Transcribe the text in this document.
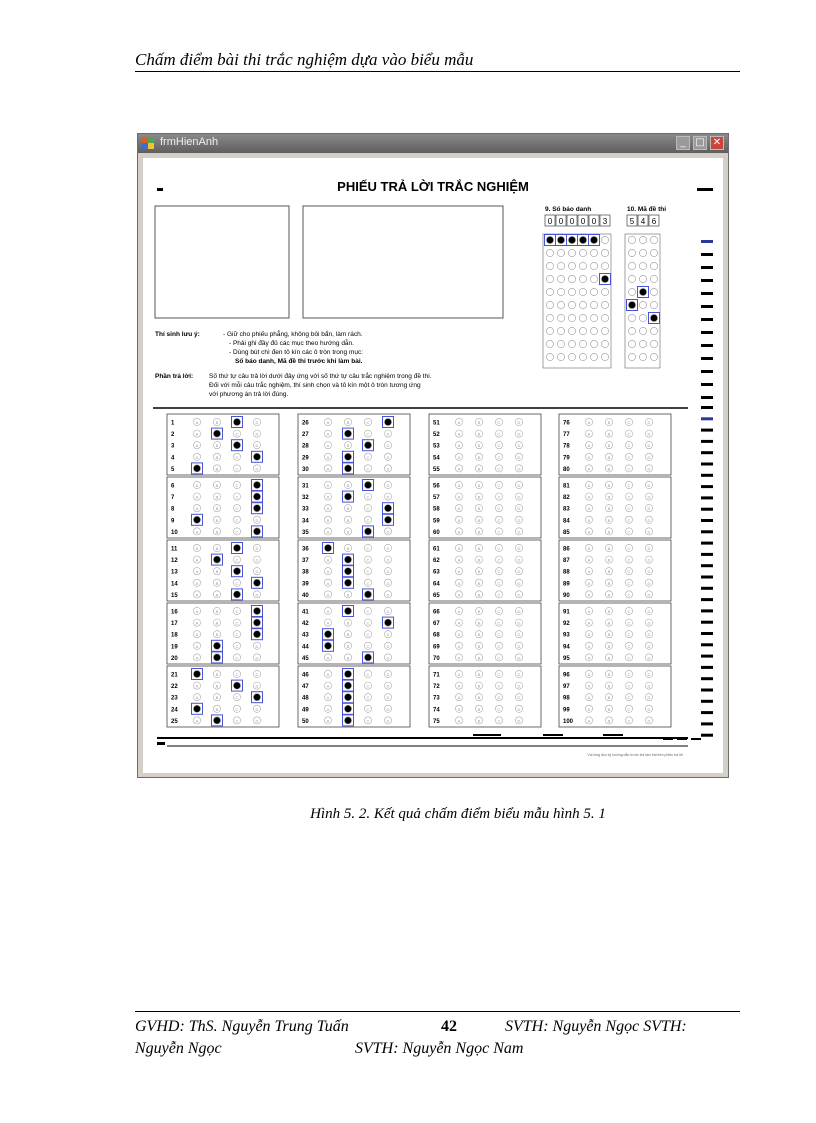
Chấm điểm bài thi trắc nghiệm dựa vào biểu mẫu
frmHienAnh	_ □ ✕
PHIẾU TRẢ LỜI TRẮC NGHIỆM
9. Số báo danh	10. Mã đề thi
0 0 0 0 0 3	5 4 6
Thí sinh lưu ý:	- Giữ cho phiếu phẳng, không bôi bẩn, làm rách.
- Phải ghi đầy đủ các mục theo hướng dẫn.
- Dùng bút chì đen tô kín các ô tròn trong mục:
Số báo danh, Mã đề thi trước khi làm bài.
Phần trả lời: Số thứ tự câu trả lời dưới đây ứng với số thứ tự câu trắc nghiệm trong đề thi.
Đối với mỗi câu trắc nghiệm, thí sinh chọn và tô kín một ô tròn tương ứng
với phương án trả lời đúng.
1	A	B	C	D
2	A	B	C	D
3	A	B	C	D
4	A	B	C	D
5	A	B	C	D
6	A	B	C	D
7	A	B	C	D
8	A	B	C	D
9	A	B	C	D
10	A	B	C	D
11	A	B	C	D
12	A	B	C	D
13	A	B	C	D
14	A	B	C	D
15	A	B	C	D
16	A	B	C	D
17	A	B	C	D
18	A	B	C	D
19	A	B	C	D
20	A	B	C	D
21	A	B	C	D
22	A	B	C	D
23	A	B	C	D
24	A	B	C	D
25	A	B	C	D
26	A	B	C	D
27	A	B	C	D
28	A	B	C	D
29	A	B	C	D
30	A	B	C	D
31	A	B	C	D
32	A	B	C	D
33	A	B	C	D
34	A	B	C	D
35	A	B	C	D
36	A	B	C	D
37	A	B	C	D
38	A	B	C	D
39	A	B	C	D
40	A	B	C	D
41	A	B	C	D
42	A	B	C	D
43	A	B	C	D
44	A	B	C	D
45	A	B	C	D
46	A	B	C	D
47	A	B	C	D
48	A	B	C	D
49	A	B	C	D
50	A	B	C	D
51	A	B	C	D
52	A	B	C	D
53	A	B	C	D
54	A	B	C	D
55	A	B	C	D
56	A	B	C	D
57	A	B	C	D
58	A	B	C	D
59	A	B	C	D
60	A	B	C	D
61	A	B	C	D
62	A	B	C	D
63	A	B	C	D
64	A	B	C	D
65	A	B	C	D
66	A	B	C	D
67	A	B	C	D
68	A	B	C	D
69	A	B	C	D
70	A	B	C	D
71	A	B	C	D
72	A	B	C	D
73	A	B	C	D
74	A	B	C	D
75	A	B	C	D
76	A	B	C	D
77	A	B	C	D
78	A	B	C	D
79	A	B	C	D
80	A	B	C	D
81	A	B	C	D
82	A	B	C	D
83	A	B	C	D
84	A	B	C	D
85	A	B	C	D
86	A	B	C	D
87	A	B	C	D
88	A	B	C	D
89	A	B	C	D
90	A	B	C	D
91	A	B	C	D
92	A	B	C	D
93	A	B	C	D
94	A	B	C	D
95	A	B	C	D
96	A	B	C	D
97	A	B	C	D
98	A	B	C	D
99	A	B	C	D
100	A	B	C	D
Vui lòng đọc kỹ hướng dẫn trước khi làm bài trên phiếu trả lời
Hình 5. 2. Kết quả chấm điểm biểu mẫu hình 5. 1
GVHD: ThS. Nguyễn Trung Tuấn	42	SVTH: Nguyễn Ngọc SVTH:
Nguyễn Ngọc	SVTH: Nguyễn Ngọc Nam
